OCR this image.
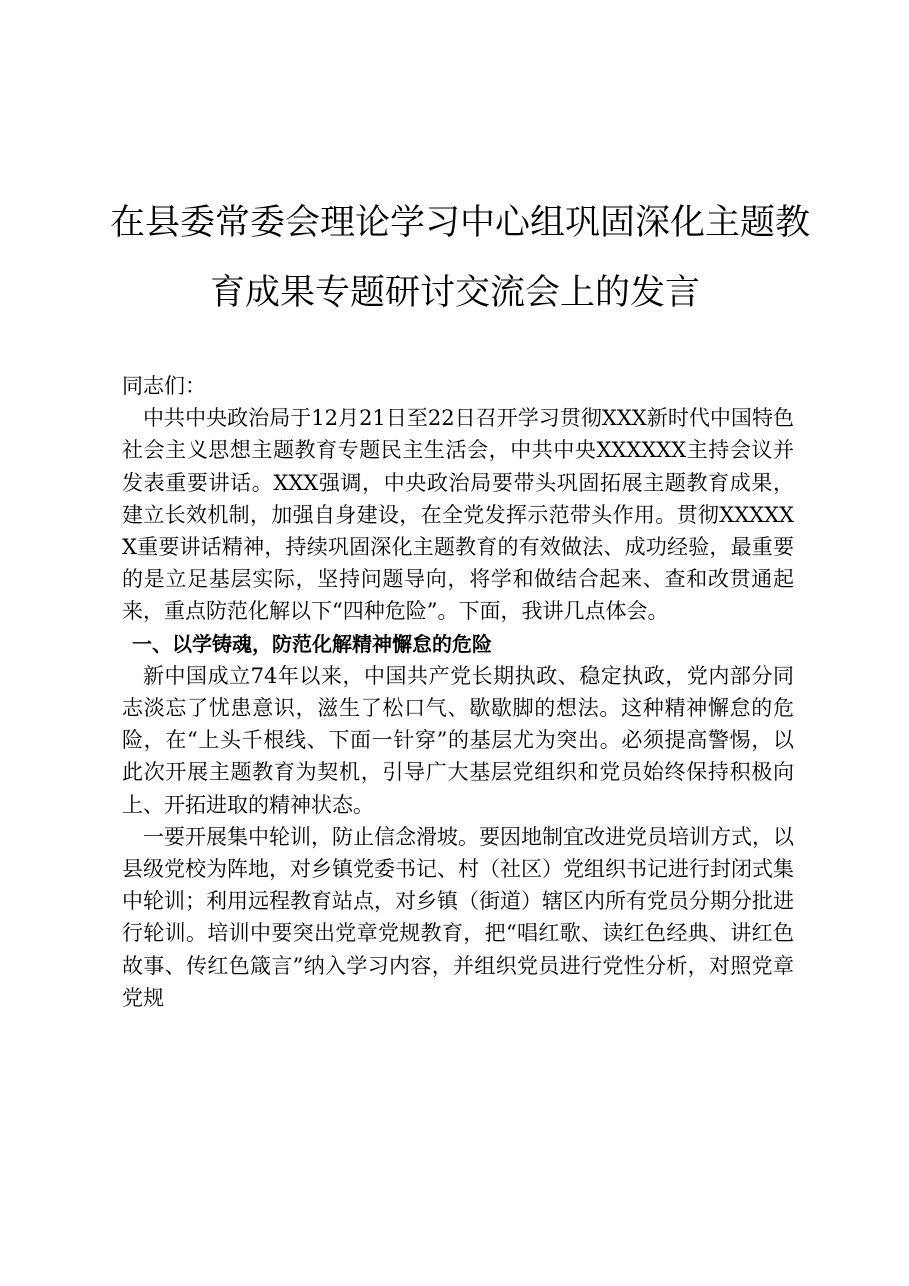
在县委常委会理论学习中心组巩固深化主题教
育成果专题研讨交流会上的发言

同志们：

中共中央政治局于12月21日至22日召开学习贯彻XXX新时代中国特色社会主义思想主题教育专题民主生活会，中共中央XXXXXX主持会议并发表重要讲话。XXX强调，中央政治局要带头巩固拓展主题教育成果，建立长效机制，加强自身建设，在全党发挥示范带头作用。贯彻XXXXXX重要讲话精神，持续巩固深化主题教育的有效做法、成功经验，最重要的是立足基层实际，坚持问题导向，将学和做结合起来、查和改贯通起来，重点防范化解以下“四种危险”。下面，我讲几点体会。

一、以学铸魂，防范化解精神懈怠的危险

新中国成立74年以来，中国共产党长期执政、稳定执政，党内部分同志淡忘了忧患意识，滋生了松口气、歇歇脚的想法。这种精神懈怠的危险，在“上头千根线、下面一针穿”的基层尤为突出。必须提高警惕，以此次开展主题教育为契机，引导广大基层党组织和党员始终保持积极向上、开拓进取的精神状态。

一要开展集中轮训，防止信念滑坡。要因地制宜改进党员培训方式，以县级党校为阵地，对乡镇党委书记、村（社区）党组织书记进行封闭式集中轮训；利用远程教育站点，对乡镇（街道）辖区内所有党员分期分批进行轮训。培训中要突出党章党规教育，把“唱红歌、读红色经典、讲红色故事、传红色箴言”纳入学习内容，并组织党员进行党性分析，对照党章党规
